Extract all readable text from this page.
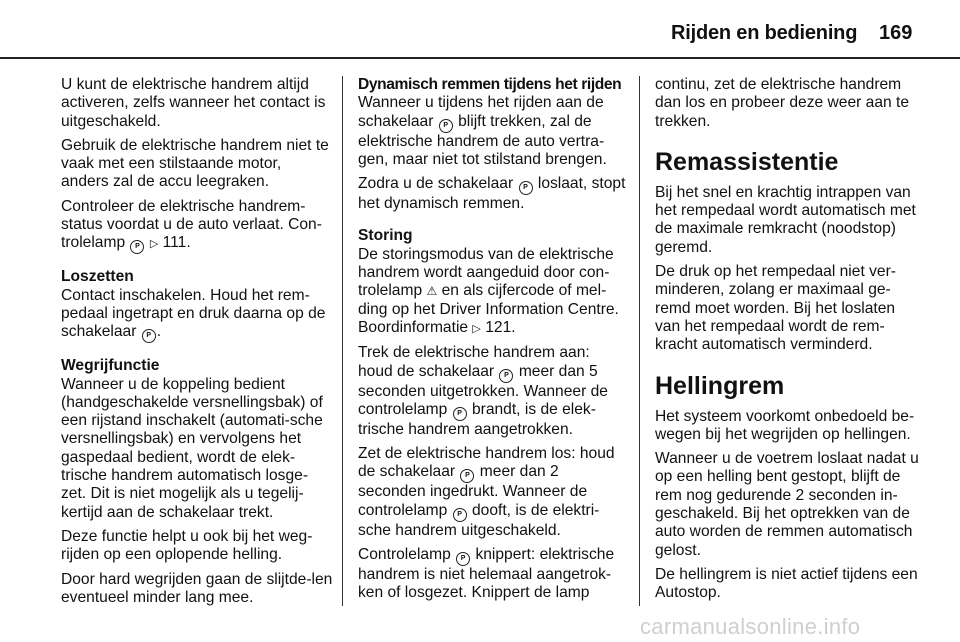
Rijden en bediening 169

U kunt de elektrische handrem altijd activeren, zelfs wanneer het contact is uitgeschakeld.

Gebruik de elektrische handrem niet te vaak met een stilstaande motor, anders zal de accu leegraken.

Controleer de elektrische handrem-status voordat u de auto verlaat. Con-trolelamp P ▷ 111.

Loszetten

Contact inschakelen. Houd het rem-pedaal ingetrapt en druk daarna op de schakelaar P .

Wegrijfunctie

Wanneer u de koppeling bedient (handgeschakelde versnellingsbak) of een rijstand inschakelt (automati-sche versnellingsbak) en vervolgens het gaspedaal bedient, wordt de elek-trische handrem automatisch losge-zet. Dit is niet mogelijk als u tegelij-kertijd aan de schakelaar trekt.

Deze functie helpt u ook bij het weg-rijden op een oplopende helling.

Door hard wegrijden gaan de slijtde-len eventueel minder lang mee.

Dynamisch remmen tijdens het rijden

Wanneer u tijdens het rijden aan de schakelaar P blijft trekken, zal de elektrische handrem de auto vertra-gen, maar niet tot stilstand brengen.

Zodra u de schakelaar P loslaat, stopt het dynamisch remmen.

Storing

De storingsmodus van de elektrische handrem wordt aangeduid door con-trolelamp ⚠ en als cijfercode of mel-ding op het Driver Information Centre. Boordinformatie ▷ 121.

Trek de elektrische handrem aan: houd de schakelaar P meer dan 5 seconden uitgetrokken. Wanneer de controlelamp P brandt, is de elek-trische handrem aangetrokken.

Zet de elektrische handrem los: houd de schakelaar P meer dan 2 seconden ingedrukt. Wanneer de controlelamp P dooft, is de elektri-sche handrem uitgeschakeld.

Controlelamp P knippert: elektrische handrem is niet helemaal aangetrok-ken of losgezet. Knippert de lamp

continu, zet de elektrische handrem dan los en probeer deze weer aan te trekken.

Remassistentie

Bij het snel en krachtig intrappen van het rempedaal wordt automatisch met de maximale remkracht (noodstop) geremd.

De druk op het rempedaal niet ver-minderen, zolang er maximaal ge-remd moet worden. Bij het loslaten van het rempedaal wordt de rem-kracht automatisch verminderd.

Hellingrem

Het systeem voorkomt onbedoeld be-wegen bij het wegrijden op hellingen.

Wanneer u de voetrem loslaat nadat u op een helling bent gestopt, blijft de rem nog gedurende 2 seconden in-geschakeld. Bij het optrekken van de auto worden de remmen automatisch gelost.

De hellingrem is niet actief tijdens een Autostop.

carmanualsonline.info
